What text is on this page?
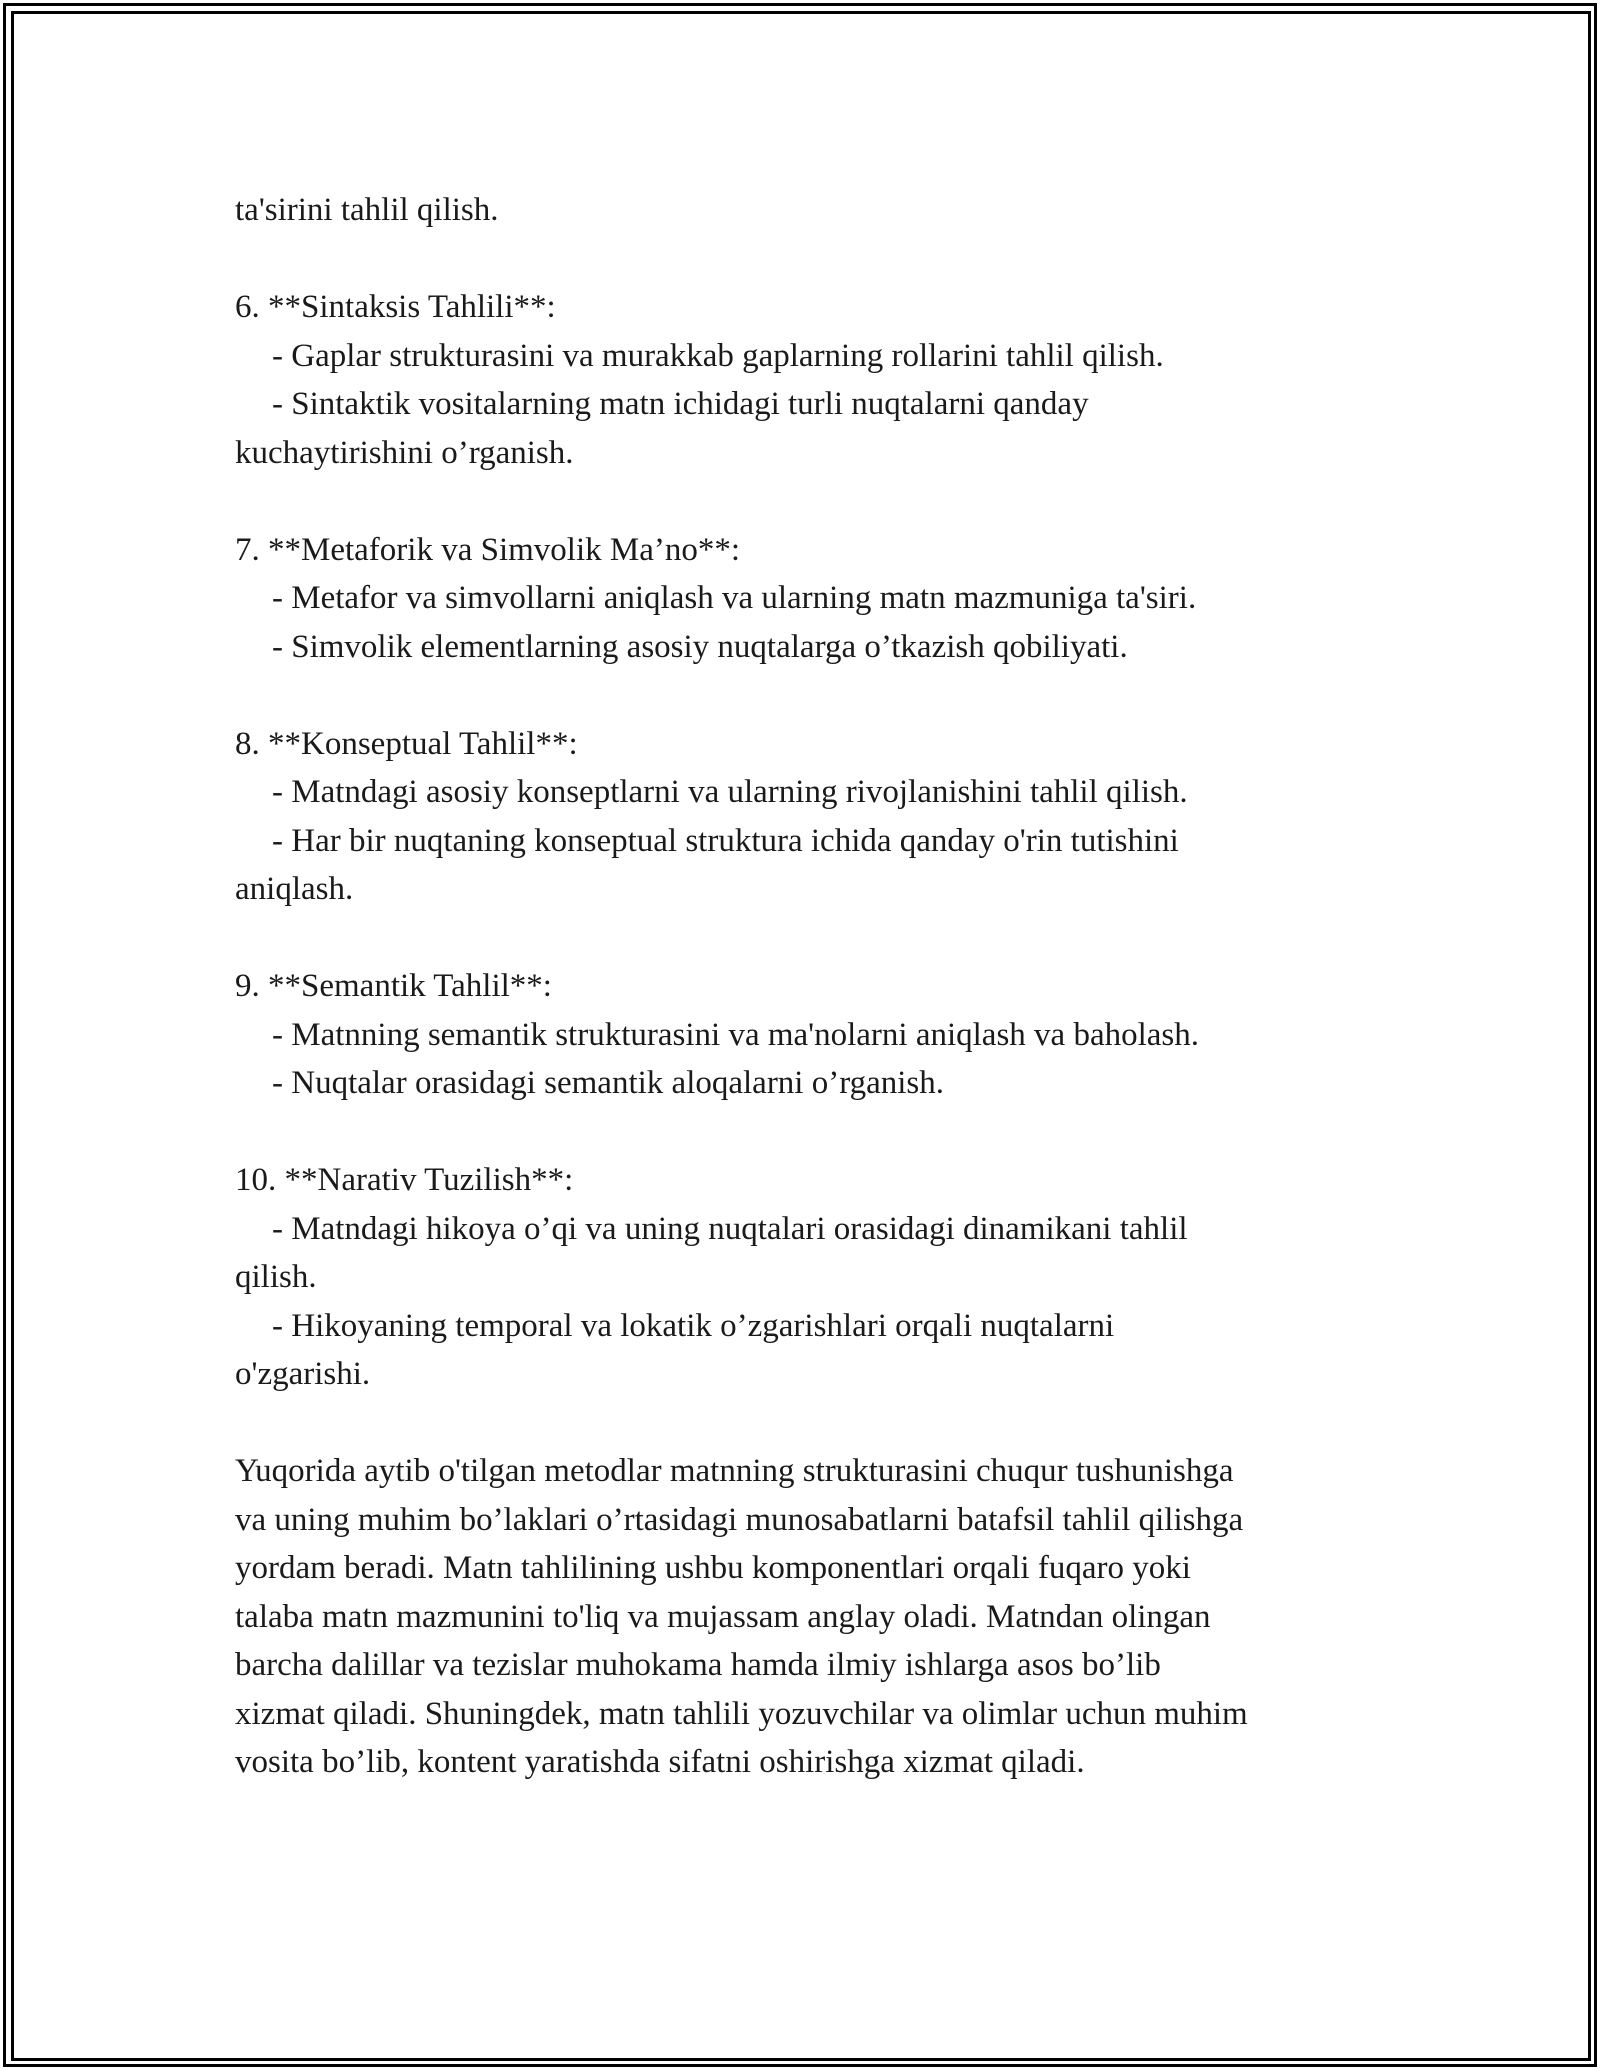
ta'sirini tahlil qilish.
6. **Sintaksis Tahlili**:
- Gaplar strukturasini va murakkab gaplarning rollarini tahlil qilish.
- Sintaktik vositalarning matn ichidagi turli nuqtalarni qanday
kuchaytirishini o’rganish.
7. **Metaforik va Simvolik Ma’no**:
- Metafor va simvollarni aniqlash va ularning matn mazmuniga ta'siri.
- Simvolik elementlarning asosiy nuqtalarga o’tkazish qobiliyati.
8. **Konseptual Tahlil**:
- Matndagi asosiy konseptlarni va ularning rivojlanishini tahlil qilish.
- Har bir nuqtaning konseptual struktura ichida qanday o'rin tutishini
aniqlash.
9. **Semantik Tahlil**:
- Matnning semantik strukturasini va ma'nolarni aniqlash va baholash.
- Nuqtalar orasidagi semantik aloqalarni o’rganish.
10. **Narativ Tuzilish**:
- Matndagi hikoya o’qi va uning nuqtalari orasidagi dinamikani tahlil
qilish.
- Hikoyaning temporal va lokatik o’zgarishlari orqali nuqtalarni
o'zgarishi.
Yuqorida aytib o'tilgan metodlar matnning strukturasini chuqur tushunishga
va uning muhim bo’laklari o’rtasidagi munosabatlarni batafsil tahlil qilishga
yordam beradi. Matn tahlilining ushbu komponentlari orqali fuqaro yoki
talaba matn mazmunini to'liq va mujassam anglay oladi. Matndan olingan
barcha dalillar va tezislar muhokama hamda ilmiy ishlarga asos bo’lib
xizmat qiladi. Shuningdek, matn tahlili yozuvchilar va olimlar uchun muhim
vosita bo’lib, kontent yaratishda sifatni oshirishga xizmat qiladi.
